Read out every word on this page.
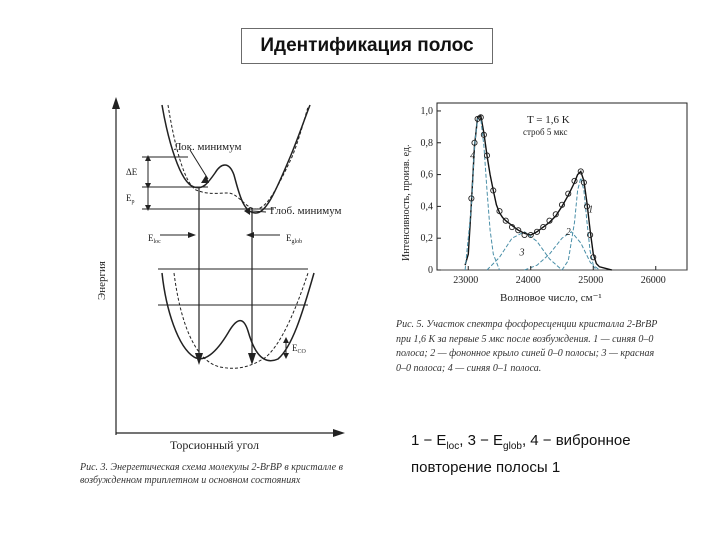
Идентификация полос
Лок. минимум
Глоб. минимум
ΔE
$E_p$
$E_{loc}$	$E_{glob}$
$E_{CO}$
Энергия
Торсионный угол
Рис. 3. Энергетическая схема молекулы 2-BrBP в кристалле в возбужденном триплетном и основном состояниях
1
2
3
4
23000	24000	25000	26000
0
0,2
0,4
0,6
0,8
1,0
T = 1,6 K
строб 5 мкс
Волновое число, см⁻¹
Интенсивность, произв. ед.
Рис. 5. Участок спектра фосфоресценции кристалла 2-BrBP при 1,6 К за первые 5 мкс после возбуждения. 1 — синяя 0–0 полоса; 2 — фононное крыло синей 0–0 полосы; 3 — красная 0–0 полоса; 4 — синяя 0–1 полоса.
$1 - E_{loc}$, $3 - E_{glob}$, 4 − вибронное повторение полосы 1
